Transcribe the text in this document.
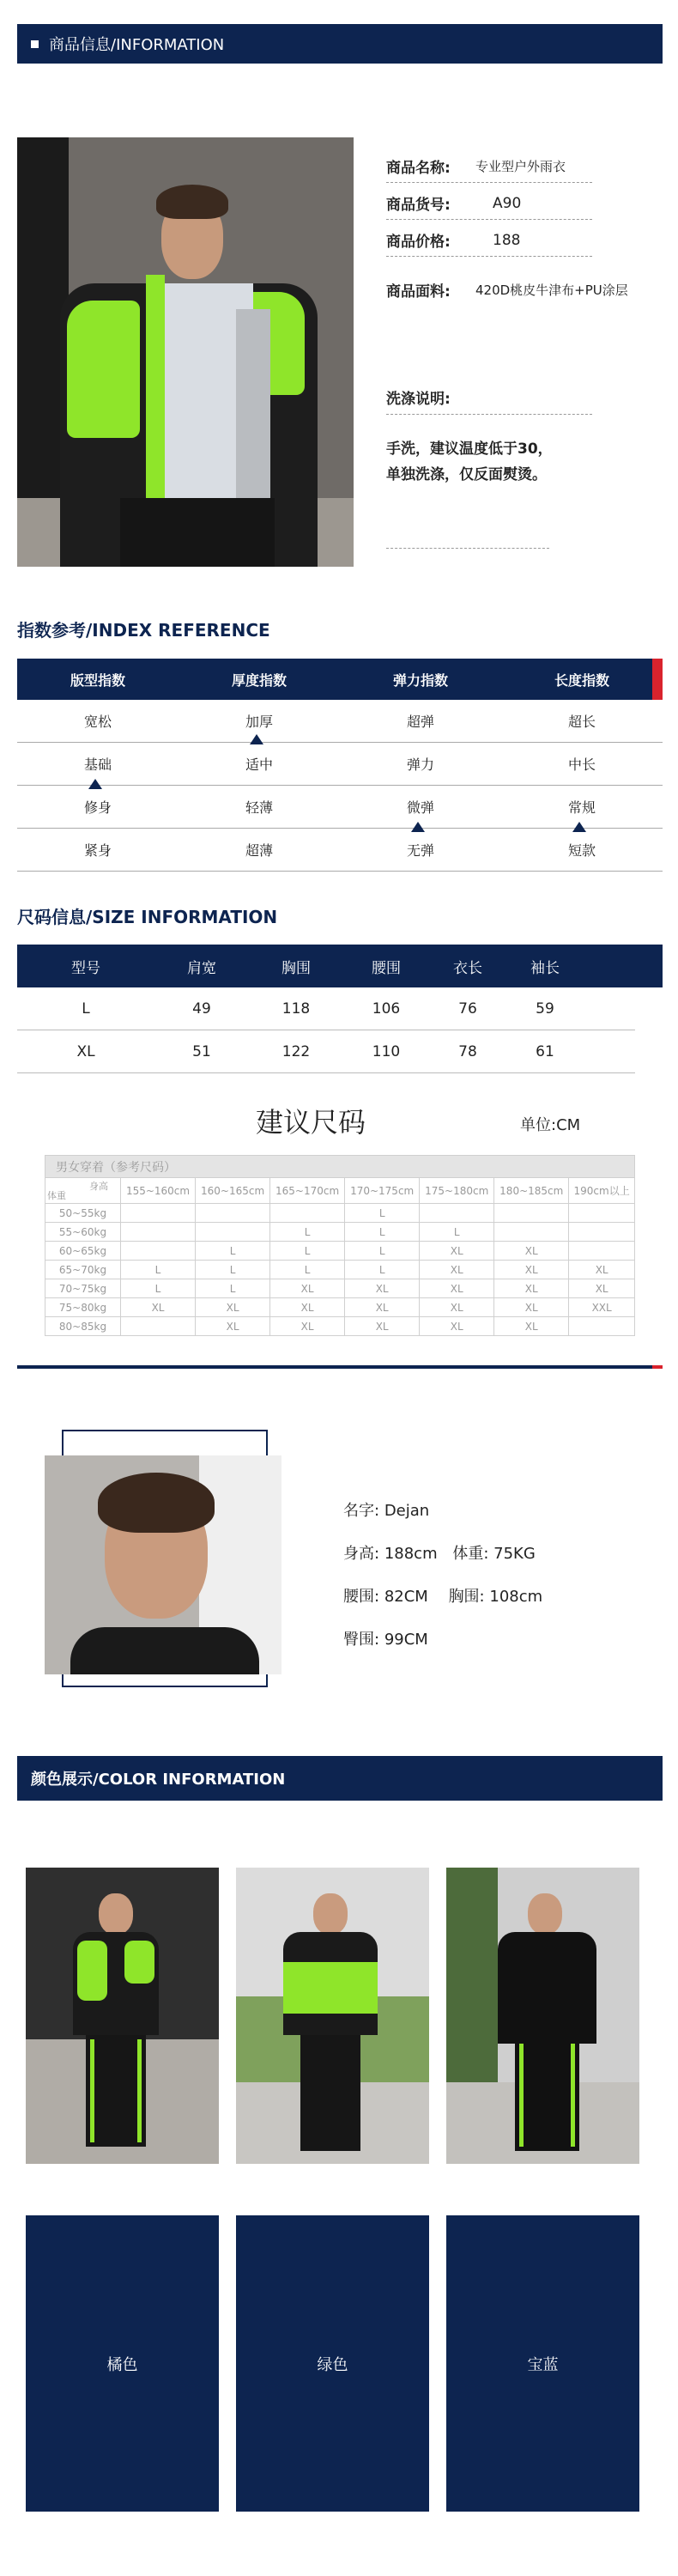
商品信息/INFORMATION
商品名称:	专业型户外雨衣
商品货号:	A90
商品价格:	188
商品面料:	420D桃皮牛津布+PU涂层
洗涤说明:
手洗，建议温度低于30，
单独洗涤，仅反面熨烫。
指数参考/INDEX REFERENCE
版型指数	厚度指数	弹力指数	长度指数
宽松	加厚	超弹	超长
基础	适中	弹力	中长
修身	轻薄	微弹	常规
紧身	超薄	无弹	短款
尺码信息/SIZE INFORMATION
型号	肩宽	胸围	腰围	衣长	袖长
L	49	118	106	76	59
XL	51	122	110	78	61
建议尺码	单位:CM
男女穿着（参考尺码）							

身高
体重	155~160cm	160~165cm	165~170cm	170~175cm	175~180cm	180~185cm	190cm以上
50~55kg				L			
55~60kg			L	L	L		
60~65kg		L	L	L	XL	XL	
65~70kg	L	L	L	L	XL	XL	XL
70~75kg	L	L	XL	XL	XL	XL	XL
75~80kg	XL	XL	XL	XL	XL	XL	XXL
80~85kg		XL	XL	XL	XL	XL	
名字: Dejan
身高: 188cm 体重: 75KG
腰围: 82CM 胸围: 108cm
臀围: 99CM
颜色展示/COLOR INFORMATION
橘色	绿色	宝蓝
